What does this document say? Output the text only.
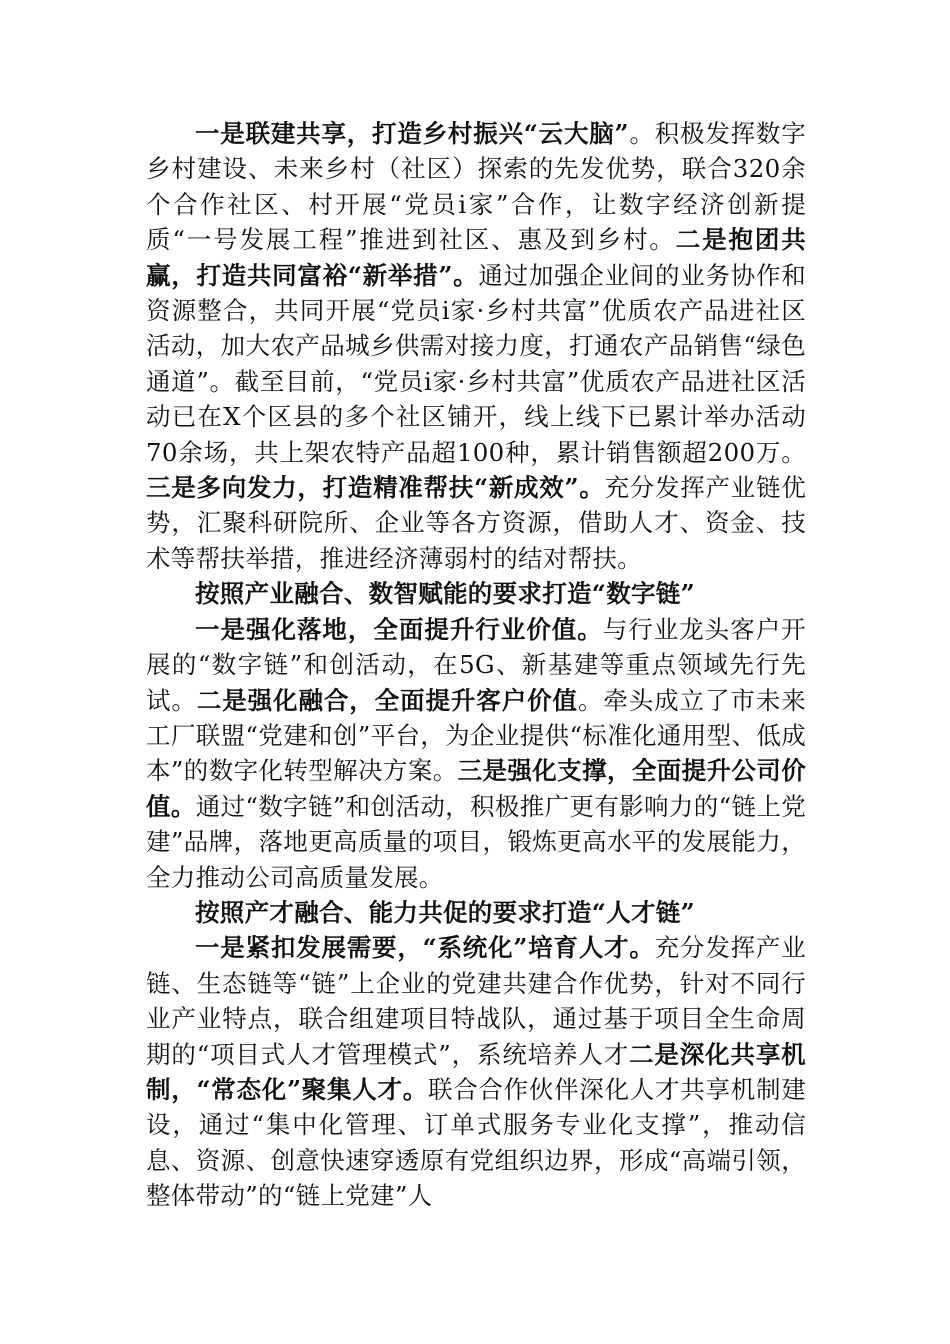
一是联建共享，打造乡村振兴“云大脑”。积极发挥数字乡村建设、未来乡村（社区）探索的先发优势，联合320余个合作社区、村开展“党员i家”合作，让数字经济创新提质“一号发展工程”推进到社区、惠及到乡村。二是抱团共赢，打造共同富裕“新举措”。通过加强企业间的业务协作和资源整合，共同开展“党员i家·乡村共富”优质农产品进社区活动，加大农产品城乡供需对接力度，打通农产品销售“绿色通道”。截至目前，“党员i家·乡村共富”优质农产品进社区活动已在X个区县的多个社区铺开，线上线下已累计举办活动70余场，共上架农特产品超100种，累计销售额超200万。三是多向发力，打造精准帮扶“新成效”。充分发挥产业链优势，汇聚科研院所、企业等各方资源，借助人才、资金、技术等帮扶举措，推进经济薄弱村的结对帮扶。

按照产业融合、数智赋能的要求打造“数字链”

一是强化落地，全面提升行业价值。与行业龙头客户开展的“数字链”和创活动，在5G、新基建等重点领域先行先试。二是强化融合，全面提升客户价值。牵头成立了市未来工厂联盟“党建和创”平台，为企业提供“标准化通用型、低成本”的数字化转型解决方案。三是强化支撑，全面提升公司价值。通过“数字链”和创活动，积极推广更有影响力的“链上党建”品牌，落地更高质量的项目，锻炼更高水平的发展能力，全力推动公司高质量发展。

按照产才融合、能力共促的要求打造“人才链”

一是紧扣发展需要，“系统化”培育人才。充分发挥产业链、生态链等“链”上企业的党建共建合作优势，针对不同行业产业特点，联合组建项目特战队，通过基于项目全生命周期的“项目式人才管理模式”，系统培养人才二是深化共享机制，“常态化”聚集人才。联合合作伙伴深化人才共享机制建设，通过“集中化管理、订单式服务专业化支撑”，推动信息、资源、创意快速穿透原有党组织边界，形成“高端引领，整体带动”的“链上党建”人
